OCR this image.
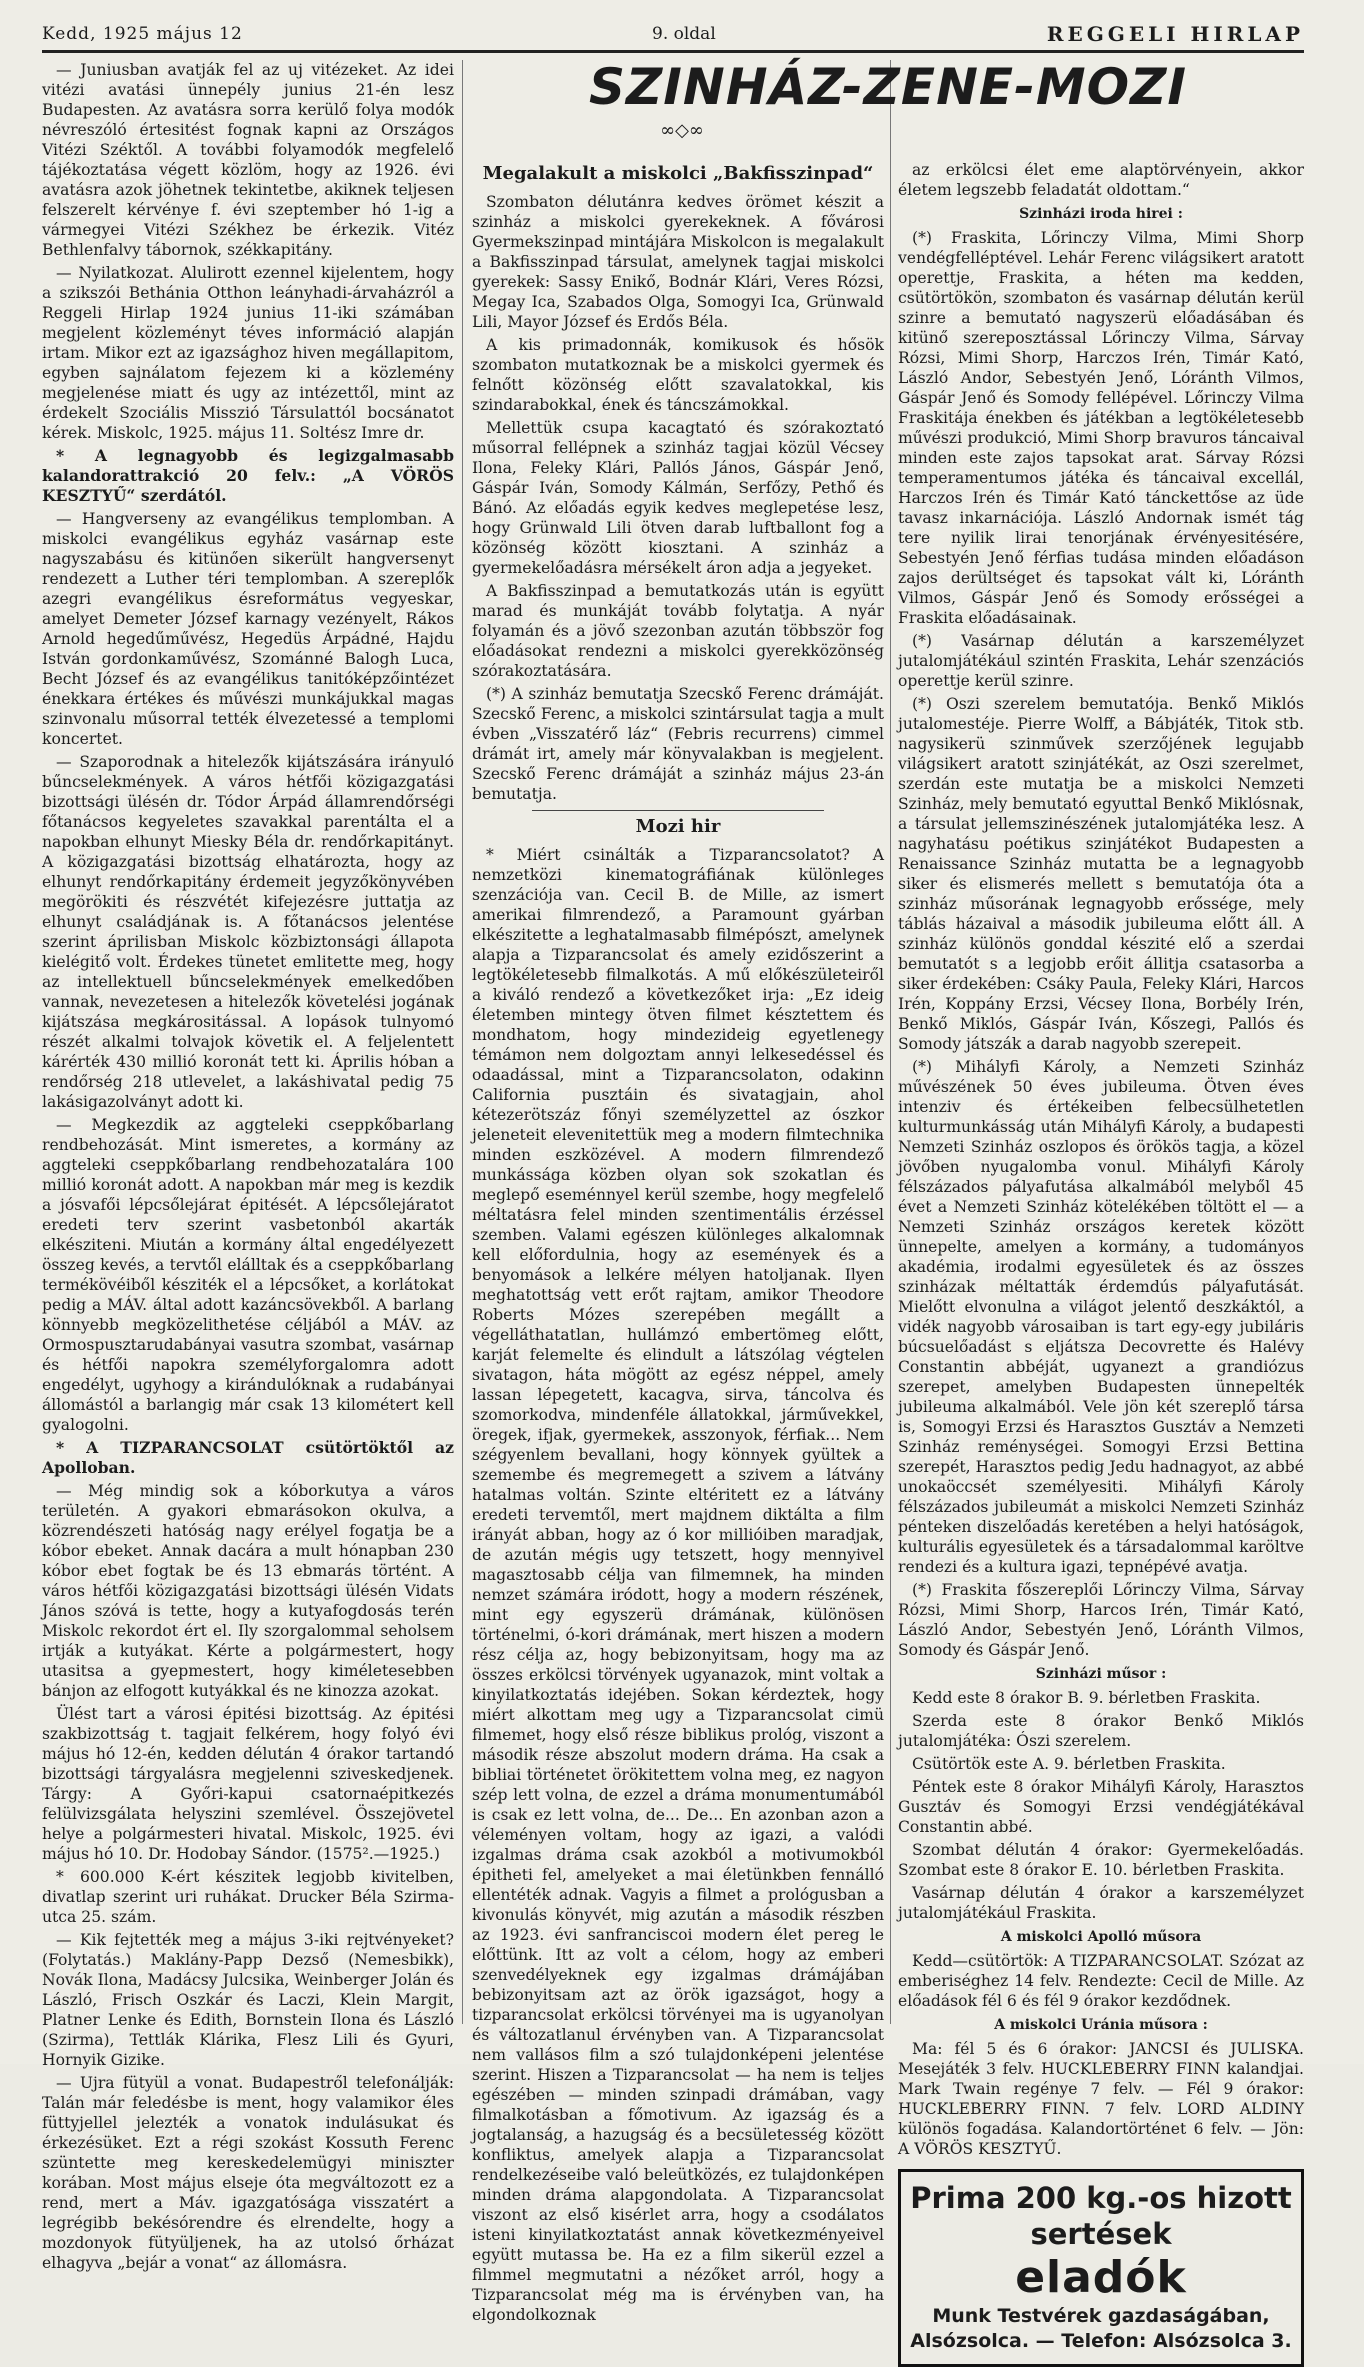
Kedd, 1925 május 12	9. oldal	REGGELI HIRLAP
SZINHÁZ-ZENE-MOZI
∞◇∞

— Juniusban avatják fel az uj vitézeket. Az idei vitézi avatási ünnepély junius 21-én lesz Budapesten. Az avatásra sorra kerülő folya modók névreszóló értesitést fognak kapni az Országos Vitézi Széktől. A további folyamodók megfelelő tájékoztatása végett közlöm, hogy az 1926. évi avatásra azok jöhetnek tekintetbe, akiknek teljesen felszerelt kérvénye f. évi szeptember hó 1-ig a vármegyei Vitézi Székhez be érkezik. Vitéz Bethlenfalvy tábornok, székkapitány.

— Nyilatkozat. Alulirott ezennel kijelentem, hogy a szikszói Bethánia Otthon leányhadi-árvaházról a Reggeli Hirlap 1924 junius 11-iki számában megjelent közleményt téves információ alapján irtam. Mikor ezt az igazsághoz hiven megállapitom, egyben sajnálatom fejezem ki a közlemény megjelenése miatt és ugy az intézettől, mint az érdekelt Szociális Misszió Társulattól bocsánatot kérek. Miskolc, 1925. május 11. Soltész Imre dr.

* A legnagyobb és legizgalmasabb kalandorattrakció 20 felv.: „A VÖRÖS KESZTYŰ“ szerdától.

— Hangverseny az evangélikus templomban. A miskolci evangélikus egyház vasárnap este nagyszabásu és kitünően sikerült hangversenyt rendezett a Luther téri templomban. A szereplők azegri evangélikus ésreformátus vegyeskar, amelyet Demeter József karnagy vezényelt, Rákos Arnold hegedűművész, Hegedüs Árpádné, Hajdu István gordonkaművész, Szománné Balogh Luca, Becht József és az evangélikus tanitóképzőintézet énekkara értékes és művészi munkájukkal magas szinvonalu műsorral tették élvezetessé a templomi koncertet.

— Szaporodnak a hitelezők kijátszására irányuló bűncselekmények. A város hétfői közigazgatási bizottsági ülésén dr. Tódor Árpád államrendőrségi főtanácsos kegyeletes szavakkal parentálta el a napokban elhunyt Miesky Béla dr. rendőrkapitányt. A közigazgatási bizottság elhatározta, hogy az elhunyt rendőrkapitány érdemeit jegyzőkönyvében megörökiti és részvétét kifejezésre juttatja az elhunyt családjának is. A főtanácsos jelentése szerint áprilisban Miskolc közbiztonsági állapota kielégitő volt. Érdekes tünetet emlitette meg, hogy az intellektuell bűncselekmények emelkedőben vannak, nevezetesen a hitelezők követelési jogának kijátszása megkárositással. A lopások tulnyomó részét alkalmi tolvajok követik el. A feljelentett kárérték 430 millió koronát tett ki. Április hóban a rendőrség 218 utlevelet, a lakáshivatal pedig 75 lakásigazolványt adott ki.

— Megkezdik az aggteleki cseppkőbarlang rendbehozását. Mint ismeretes, a kormány az aggteleki cseppkőbarlang rendbehozatalára 100 millió koronát adott. A napokban már meg is kezdik a jósvafői lépcsőlejárat épitését. A lépcsőlejáratot eredeti terv szerint vasbetonból akarták elkésziteni. Miután a kormány által engedélyezett összeg kevés, a tervtől elálltak és a cseppkőbarlang termékövéiből késziték el a lépcsőket, a korlátokat pedig a MÁV. által adott kazáncsövekből. A barlang könnyebb megközelithetése céljából a MÁV. az Ormospusztarudabányai vasutra szombat, vasárnap és hétfői napokra személyforgalomra adott engedélyt, ugyhogy a kirándulóknak a rudabányai állomástól a barlangig már csak 13 kilométert kell gyalogolni.

* A TIZPARANCSOLAT csütörtöktől az Apolloban.

— Még mindig sok a kóborkutya a város területén. A gyakori ebmarásokon okulva, a közrendészeti hatóság nagy erélyel fogatja be a kóbor ebeket. Annak dacára a mult hónapban 230 kóbor ebet fogtak be és 13 ebmarás történt. A város hétfői közigazgatási bizottsági ülésén Vidats János szóvá is tette, hogy a kutyafogdosás terén Miskolc rekordot ért el. Ily szorgalommal seholsem irtják a kutyákat. Kérte a polgármestert, hogy utasitsa a gyepmestert, hogy kiméletesebben bánjon az elfogott kutyákkal és ne kinozza azokat.

Ülést tart a városi épitési bizottság. Az épitési szakbizottság t. tagjait felkérem, hogy folyó évi május hó 12-én, kedden délután 4 órakor tartandó bizottsági tárgyalásra megjelenni sziveskedjenek. Tárgy: A Győri-kapui csatornaépitkezés felülvizsgálata helyszini szemlével. Összejövetel helye a polgármesteri hivatal. Miskolc, 1925. évi május hó 10. Dr. Hodobay Sándor. (1575².—1925.)

* 600.000 K-ért készitek legjobb kivitelben, divatlap szerint uri ruhákat. Drucker Béla Szirma-utca 25. szám.

— Kik fejtették meg a május 3-iki rejtvényeket? (Folytatás.) Maklány-Papp Dezső (Nemesbikk), Novák Ilona, Madácsy Julcsika, Weinberger Jolán és László, Frisch Oszkár és Laczi, Klein Margit, Platner Lenke és Edith, Bornstein Ilona és László (Szirma), Tettlák Klárika, Flesz Lili és Gyuri, Hornyik Gizike.

— Ujra fütyül a vonat. Budapestről telefonálják: Talán már feledésbe is ment, hogy valamikor éles füttyjellel jelezték a vonatok indulásukat és érkezésüket. Ezt a régi szokást Kossuth Ferenc szüntette meg kereskedelemügyi miniszter korában. Most május elseje óta megváltozott ez a rend, mert a Máv. igazgatósága visszatért a legrégibb bekésórendre és elrendelte, hogy a mozdonyok fütyüljenek, ha az utolsó őrházat elhagyva „bejár a vonat“ az állomásra.

Megalakult a miskolci „Bakfisszinpad“

Szombaton délutánra kedves örömet készit a szinház a miskolci gyerekeknek. A fővárosi Gyermekszinpad mintájára Miskolcon is megalakult a Bakfisszinpad társulat, amelynek tagjai miskolci gyerekek: Sassy Enikő, Bodnár Klári, Veres Rózsi, Megay Ica, Szabados Olga, Somogyi Ica, Grünwald Lili, Mayor József és Erdős Béla.

A kis primadonnák, komikusok és hősök szombaton mutatkoznak be a miskolci gyermek és felnőtt közönség előtt szavalatokkal, kis szindarabokkal, ének és táncszámokkal.

Mellettük csupa kacagtató és szórakoztató műsorral fellépnek a szinház tagjai közül Vécsey Ilona, Feleky Klári, Pallós János, Gáspár Jenő, Gáspár Iván, Somody Kálmán, Serfőzy, Pethő és Bánó. Az előadás egyik kedves meglepetése lesz, hogy Grünwald Lili ötven darab luftballont fog a közönség között kiosztani. A szinház a gyermekelőadásra mérsékelt áron adja a jegyeket.

A Bakfisszinpad a bemutatkozás után is együtt marad és munkáját tovább folytatja. A nyár folyamán és a jövő szezonban azután többször fog előadásokat rendezni a miskolci gyerekközönség szórakoztatására.

(*) A szinház bemutatja Szecskő Ferenc drámáját. Szecskő Ferenc, a miskolci szintársulat tagja a mult évben „Visszatérő láz“ (Febris recurrens) cimmel drámát irt, amely már könyvalakban is megjelent. Szecskő Ferenc drámáját a szinház május 23-án bemutatja.

Mozi hir

* Miért csinálták a Tizparancsolatot? A nemzetközi kinematográfiának különleges szenzációja van. Cecil B. de Mille, az ismert amerikai filmrendező, a Paramount gyárban elkészitette a leghatalmasabb filmépószt, amelynek alapja a Tizparancsolat és amely ezidőszerint a legtökéletesebb filmalkotás. A mű előkészületeiről a kiváló rendező a következőket irja: „Ez ideig életemben mintegy ötven filmet késztettem és mondhatom, hogy mindezideig egyetlenegy témámon nem dolgoztam annyi lelkesedéssel és odaadással, mint a Tizparancsolaton, odakinn California pusztáin és sivatagjain, ahol kétezerötszáz főnyi személyzettel az ószkor jeleneteit elevenitettük meg a modern filmtechnika minden eszközével. A modern filmrendező munkássága közben olyan sok szokatlan és meglepő eseménnyel kerül szembe, hogy megfelelő méltatásra felel minden szentimentális érzéssel szemben. Valami egészen különleges alkalomnak kell előfordulnia, hogy az események és a benyomások a lelkére mélyen hatoljanak. Ilyen meghatottság vett erőt rajtam, amikor Theodore Roberts Mózes szerepében megállt a végelláthatatlan, hullámzó embertömeg előtt, karját felemelte és elindult a látszólag végtelen sivatagon, háta mögött az egész néppel, amely lassan lépegetett, kacagva, sirva, táncolva és szomorkodva, mindenféle állatokkal, járművekkel, öregek, ifjak, gyermekek, asszonyok, férfiak... Nem szégyenlem bevallani, hogy könnyek gyültek a szemembe és megremegett a szivem a látvány hatalmas voltán. Szinte eltéritett ez a látvány eredeti tervemtől, mert majdnem diktálta a film irányát abban, hogy az ó kor millióiben maradjak, de azután mégis ugy tetszett, hogy mennyivel magasztosabb célja van filmemnek, ha minden nemzet számára iródott, hogy a modern részének, mint egy egyszerü drámának, különösen történelmi, ó-kori drámának, mert hiszen a modern rész célja az, hogy bebizonyitsam, hogy ma az összes erkölcsi törvények ugyanazok, mint voltak a kinyilatkoztatás idejében. Sokan kérdeztek, hogy miért alkottam meg ugy a Tizparancsolat cimü filmemet, hogy első része biblikus prológ, viszont a második része abszolut modern dráma. Ha csak a bibliai történetet örökitettem volna meg, ez nagyon szép lett volna, de ezzel a dráma monumentumából is csak ez lett volna, de... De... En azonban azon a véleményen voltam, hogy az igazi, a valódi izgalmas dráma csak azokból a motivumokból épitheti fel, amelyeket a mai életünkben fennálló ellentéték adnak. Vagyis a filmet a prológusban a kivonulás könyvét, mig azután a második részben az 1923. évi sanfranciscoi modern élet pereg le előttünk. Itt az volt a célom, hogy az emberi szenvedélyeknek egy izgalmas drámájában bebizonyitsam azt az örök igazságot, hogy a tizparancsolat erkölcsi törvényei ma is ugyanolyan és változatlanul érvényben van. A Tizparancsolat nem vallásos film a szó tulajdonképeni jelentése szerint. Hiszen a Tizparancsolat — ha nem is teljes egészében — minden szinpadi drámában, vagy filmalkotásban a főmotivum. Az igazság és a jogtalanság, a hazugság és a becsületesség között konfliktus, amelyek alapja a Tizparancsolat rendelkezéseibe való beleütközés, ez tulajdonképen minden dráma alapgondolata. A Tizparancsolat viszont az első kisérlet arra, hogy a csodálatos isteni kinyilatkoztatást annak következményeivel együtt mutassa be. Ha ez a film sikerül ezzel a filmmel megmutatni a nézőket arról, hogy a Tizparancsolat még ma is érvényben van, ha elgondolkoznak

az erkölcsi élet eme alaptörvényein, akkor életem legszebb feladatát oldottam.“

Szinházi iroda hirei :

(*) Fraskita, Lőrinczy Vilma, Mimi Shorp vendégfelléptével. Lehár Ferenc világsikert aratott operettje, Fraskita, a héten ma kedden, csütörtökön, szombaton és vasárnap délután kerül szinre a bemutató nagyszerü előadásában és kitünő szereposztással Lőrinczy Vilma, Sárvay Rózsi, Mimi Shorp, Harczos Irén, Timár Kató, László Andor, Sebestyén Jenő, Lóránth Vilmos, Gáspár Jenő és Somody fellépével. Lőrinczy Vilma Fraskitája énekben és játékban a legtökéletesebb művészi produkció, Mimi Shorp bravuros táncaival minden este zajos tapsokat arat. Sárvay Rózsi temperamentumos játéka és táncaival excellál, Harczos Irén és Timár Kató tánckettőse az üde tavasz inkarnációja. László Andornak ismét tág tere nyilik lirai tenorjának érvényesitésére, Sebestyén Jenő férfias tudása minden előadáson zajos derültséget és tapsokat vált ki, Lóránth Vilmos, Gáspár Jenő és Somody erősségei a Fraskita előadásainak.

(*) Vasárnap délután a karszemélyzet jutalomjátékául szintén Fraskita, Lehár szenzációs operettje kerül szinre.

(*) Oszi szerelem bemutatója. Benkő Miklós jutalomestéje. Pierre Wolff, a Bábjáték, Titok stb. nagysikerü szinművek szerzőjének legujabb világsikert aratott szinjátékát, az Oszi szerelmet, szerdán este mutatja be a miskolci Nemzeti Szinház, mely bemutató egyuttal Benkő Miklósnak, a társulat jellemszinészének jutalomjátéka lesz. A nagyhatásu poétikus szinjátékot Budapesten a Renaissance Szinház mutatta be a legnagyobb siker és elismerés mellett s bemutatója óta a szinház műsorának legnagyobb erőssége, mely táblás házaival a második jubileuma előtt áll. A szinház különös gonddal készité elő a szerdai bemutatót s a legjobb erőit állitja csatasorba a siker érdekében: Csáky Paula, Feleky Klári, Harcos Irén, Koppány Erzsi, Vécsey Ilona, Borbély Irén, Benkő Miklós, Gáspár Iván, Kőszegi, Pallós és Somody játszák a darab nagyobb szerepeit.

(*) Mihályfi Károly, a Nemzeti Szinház művészének 50 éves jubileuma. Ötven éves intenziv és értékeiben felbecsülhetetlen kulturmunkásság után Mihályfi Károly, a budapesti Nemzeti Szinház oszlopos és örökös tagja, a közel jövőben nyugalomba vonul. Mihályfi Károly félszázados pályafutása alkalmából melyből 45 évet a Nemzeti Szinház kötelékében töltött el — a Nemzeti Szinház országos keretek között ünnepelte, amelyen a kormány, a tudományos akadémia, irodalmi egyesületek és az összes szinházak méltatták érdemdús pályafutását. Mielőtt elvonulna a világot jelentő deszkáktól, a vidék nagyobb városaiban is tart egy-egy jubiláris búcsuelőadást s eljátsza Decovrette és Halévy Constantin abbéját, ugyanezt a grandiózus szerepet, amelyben Budapesten ünnepelték jubileuma alkalmából. Vele jön két szereplő társa is, Somogyi Erzsi és Harasztos Gusztáv a Nemzeti Szinház reménységei. Somogyi Erzsi Bettina szerepét, Harasztos pedig Jedu hadnagyot, az abbé unokaöccsét személyesiti. Mihályfi Károly félszázados jubileumát a miskolci Nemzeti Szinház pénteken diszelőadás keretében a helyi hatóságok, kulturális egyesületek és a társadalommal karöltve rendezi és a kultura igazi, tepnépévé avatja.

(*) Fraskita főszereplői Lőrinczy Vilma, Sárvay Rózsi, Mimi Shorp, Harcos Irén, Timár Kató, László Andor, Sebestyén Jenő, Lóránth Vilmos, Somody és Gáspár Jenő.

Szinházi műsor :

Kedd este 8 órakor B. 9. bérletben Fraskita.

Szerda este 8 órakor Benkő Miklós jutalomjátéka: Ószi szerelem.

Csütörtök este A. 9. bérletben Fraskita.

Péntek este 8 órakor Mihályfi Károly, Harasztos Gusztáv és Somogyi Erzsi vendégjátékával Constantin abbé.

Szombat délután 4 órakor: Gyermekelőadás. Szombat este 8 órakor E. 10. bérletben Fraskita.

Vasárnap délután 4 órakor a karszemélyzet jutalomjátékául Fraskita.

A miskolci Apolló műsora

Kedd—csütörtök: A TIZPARANCSOLAT. Szózat az emberiséghez 14 felv. Rendezte: Cecil de Mille. Az előadások fél 6 és fél 9 órakor kezdődnek.

A miskolci Uránia műsora :

Ma: fél 5 és 6 órakor: JANCSI és JULISKA. Mesejáték 3 felv. HUCKLEBERRY FINN kalandjai. Mark Twain regénye 7 felv. — Fél 9 órakor: HUCKLEBERRY FINN. 7 felv. LORD ALDINY különös fogadása. Kalandortörténet 6 felv. — Jön: A VÖRÖS KESZTYŰ.

Prima 200 kg.-os hizott sertések
eladók
Munk Testvérek gazdaságában, Alsózsolca. — Telefon: Alsózsolca 3.
